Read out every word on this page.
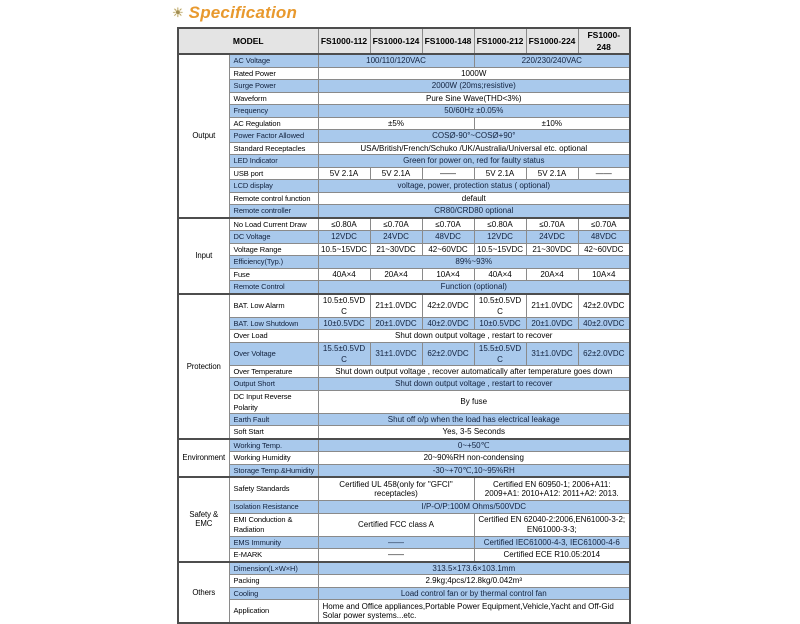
☀ Specification
MODEL		FS1000-112	FS1000-124	FS1000-148	FS1000-212	FS1000-224	FS1000-248
Output	AC Voltage	100/110/120VAC			220/230/240VAC		
	Rated Power	1000W					
	Surge Power	2000W (20ms;resistive)					
	Waveform	Pure Sine Wave(THD<3%)					
	Frequency	50/60Hz ±0.05%					
	AC Regulation	±5%			±10%		
	Power Factor Allowed	COSØ-90°~COSØ+90°					
	Standard Receptacles	USA/British/French/Schuko /UK/Australia/Universal etc. optional					
	LED Indicator	Green for power on, red for faulty status					
	USB port	5V 2.1A	5V 2.1A	——	5V 2.1A	5V 2.1A	——
	LCD display	voltage, power, protection status ( optional)					
	Remote control function	default					
	Remote controller	CR80/CRD80 optional					
Input	No Load Current Draw	≤0.80A	≤0.70A	≤0.70A	≤0.80A	≤0.70A	≤0.70A
	DC Voltage	12VDC	24VDC	48VDC	12VDC	24VDC	48VDC
	Voltage Range	10.5~15VDC	21~30VDC	42~60VDC	10.5~15VDC	21~30VDC	42~60VDC
	Efficiency(Typ.)	89%~93%					
	Fuse	40A×4	20A×4	10A×4	40A×4	20A×4	10A×4
	Remote Control	Function (optional)					
Protection	BAT. Low Alarm	10.5±0.5VDC	21±1.0VDC	42±2.0VDC	10.5±0.5VDC	21±1.0VDC	42±2.0VDC
	BAT. Low Shutdown	10±0.5VDC	20±1.0VDC	40±2.0VDC	10±0.5VDC	20±1.0VDC	40±2.0VDC
	Over Load	Shut down output voltage , restart to recover					
	Over Voltage	15.5±0.5VDC	31±1.0VDC	62±2.0VDC	15.5±0.5VDC	31±1.0VDC	62±2.0VDC
	Over Temperature	Shut down output voltage , recover automatically after temperature goes down					
	Output Short	Shut down output voltage , restart to recover					
	DC Input Reverse Polarity	By fuse					
	Earth Fault	Shut off o/p when the load has electrical leakage					
	Soft Start	Yes, 3-5 Seconds					
Environment	Working Temp.	0~+50℃					
	Working Humidity	20~90%RH non-condensing					
	Storage Temp.&Humidity	-30~+70℃,10~95%RH					
Safety & EMC	Safety Standards	Certified UL 458(only for "GFCI" receptacles)			Certified EN 60950-1; 2006+A11: 2009+A1: 2010+A12: 2011+A2: 2013.		
	Isolation Resistance	I/P-O/P:100M Ohms/500VDC					
	EMI Conduction & Radiation	Certified FCC class A			Certified EN 62040-2:2006,EN61000-3-2; EN61000-3-3;		
	EMS Immunity	——			Certified IEC61000-4-3, IEC61000-4-6		
	E-MARK	——			Certified ECE R10.05:2014		
Others	Dimension(L×W×H)	313.5×173.6×103.1mm					
	Packing	2.9kg;4pcs/12.8kg/0.042m³					
	Cooling	Load control fan or by thermal control fan					
	Application	Home and Office appliances,Portable Power Equipment,Vehicle,Yacht and Off-Gid Solar power systems...etc.					
